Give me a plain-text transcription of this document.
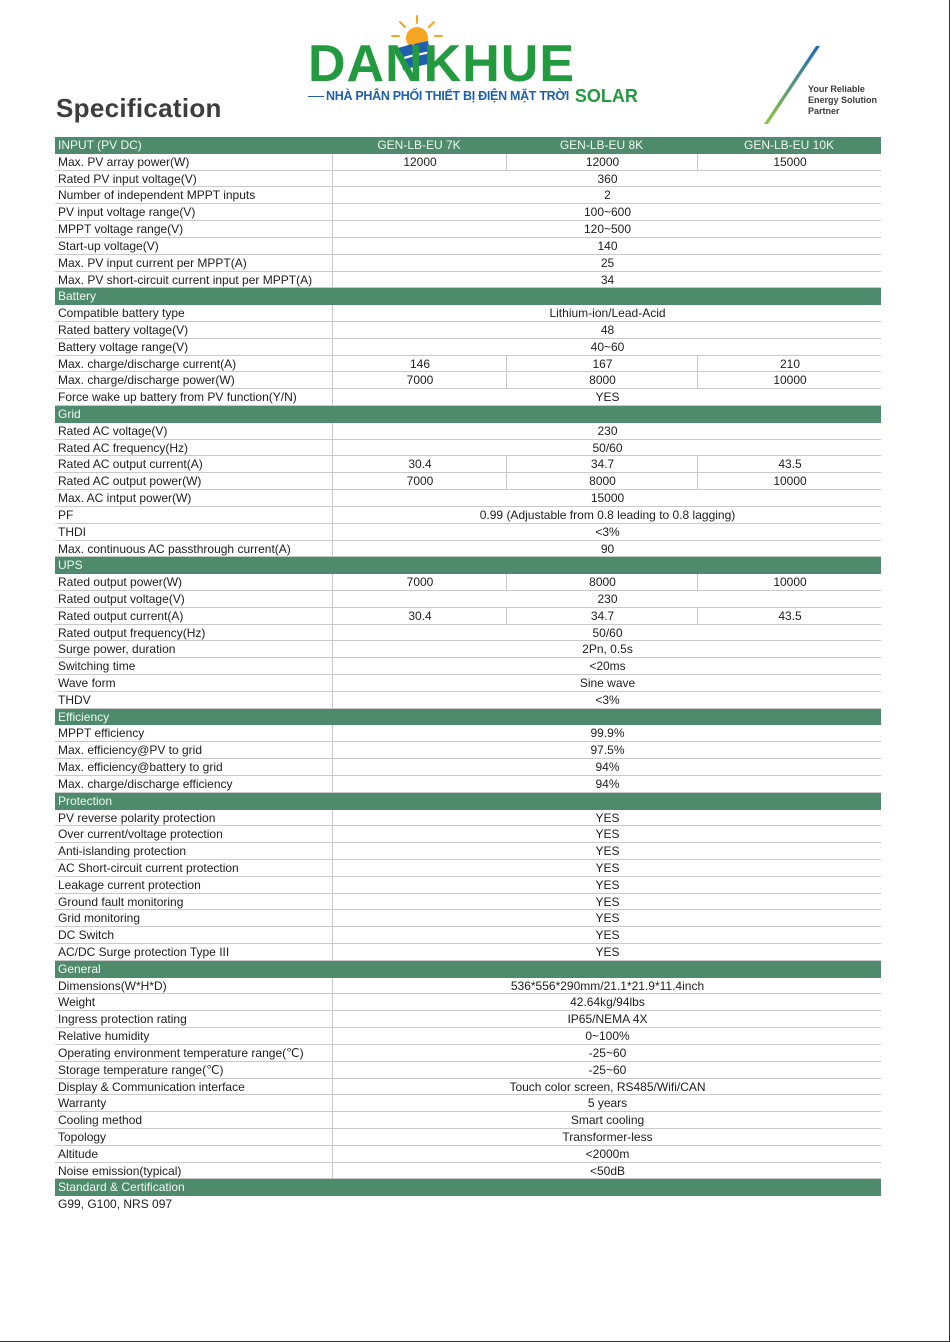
Specification
DANKHUE
NHÀ PHÂN PHỐI THIẾT BỊ ĐIỆN MẶT TRỜI SOLAR	Your Reliable
Energy Solution
Partner
INPUT (PV DC)	GEN-LB-EU 7K	GEN-LB-EU 8K	GEN-LB-EU 10K
Max. PV array power(W)	12000	12000	15000
Rated PV input voltage(V)	360
Number of independent MPPT inputs	2
PV input voltage range(V)	100~600
MPPT voltage range(V)	120~500
Start-up voltage(V)	140
Max. PV input current per MPPT(A)	25
Max. PV short-circuit current input per MPPT(A)	34
Battery
Compatible battery type	Lithium-ion/Lead-Acid
Rated battery voltage(V)	48
Battery voltage range(V)	40~60
Max. charge/discharge current(A)	146	167	210
Max. charge/discharge power(W)	7000	8000	10000
Force wake up battery from PV function(Y/N)	YES
Grid
Rated AC voltage(V)	230
Rated AC frequency(Hz)	50/60
Rated AC output current(A)	30.4	34.7	43.5
Rated AC output power(W)	7000	8000	10000
Max. AC intput power(W)	15000
PF	0.99 (Adjustable from 0.8 leading to 0.8 lagging)
THDI	<3%
Max. continuous AC passthrough current(A)	90
UPS
Rated output power(W)	7000	8000	10000
Rated output voltage(V)	230
Rated output current(A)	30.4	34.7	43.5
Rated output frequency(Hz)	50/60
Surge power, duration	2Pn, 0.5s
Switching time	<20ms
Wave form	Sine wave
THDV	<3%
Efficiency
MPPT efficiency	99.9%
Max. efficiency@PV to grid	97.5%
Max. efficiency@battery to grid	94%
Max. charge/discharge efficiency	94%
Protection
PV reverse polarity protection	YES
Over current/voltage protection	YES
Anti-islanding protection	YES
AC Short-circuit current protection	YES
Leakage current protection	YES
Ground fault monitoring	YES
Grid monitoring	YES
DC Switch	YES
AC/DC Surge protection Type III	YES
General
Dimensions(W*H*D)	536*556*290mm/21.1*21.9*11.4inch
Weight	42.64kg/94lbs
Ingress protection rating	IP65/NEMA 4X
Relative humidity	0~100%
Operating environment temperature range(℃)	-25~60
Storage temperature range(℃)	-25~60
Display & Communication interface	Touch color screen, RS485/Wifi/CAN
Warranty	5 years
Cooling method	Smart cooling
Topology	Transformer-less
Altitude	<2000m
Noise emission(typical)	<50dB
Standard & Certification
G99, G100, NRS 097
